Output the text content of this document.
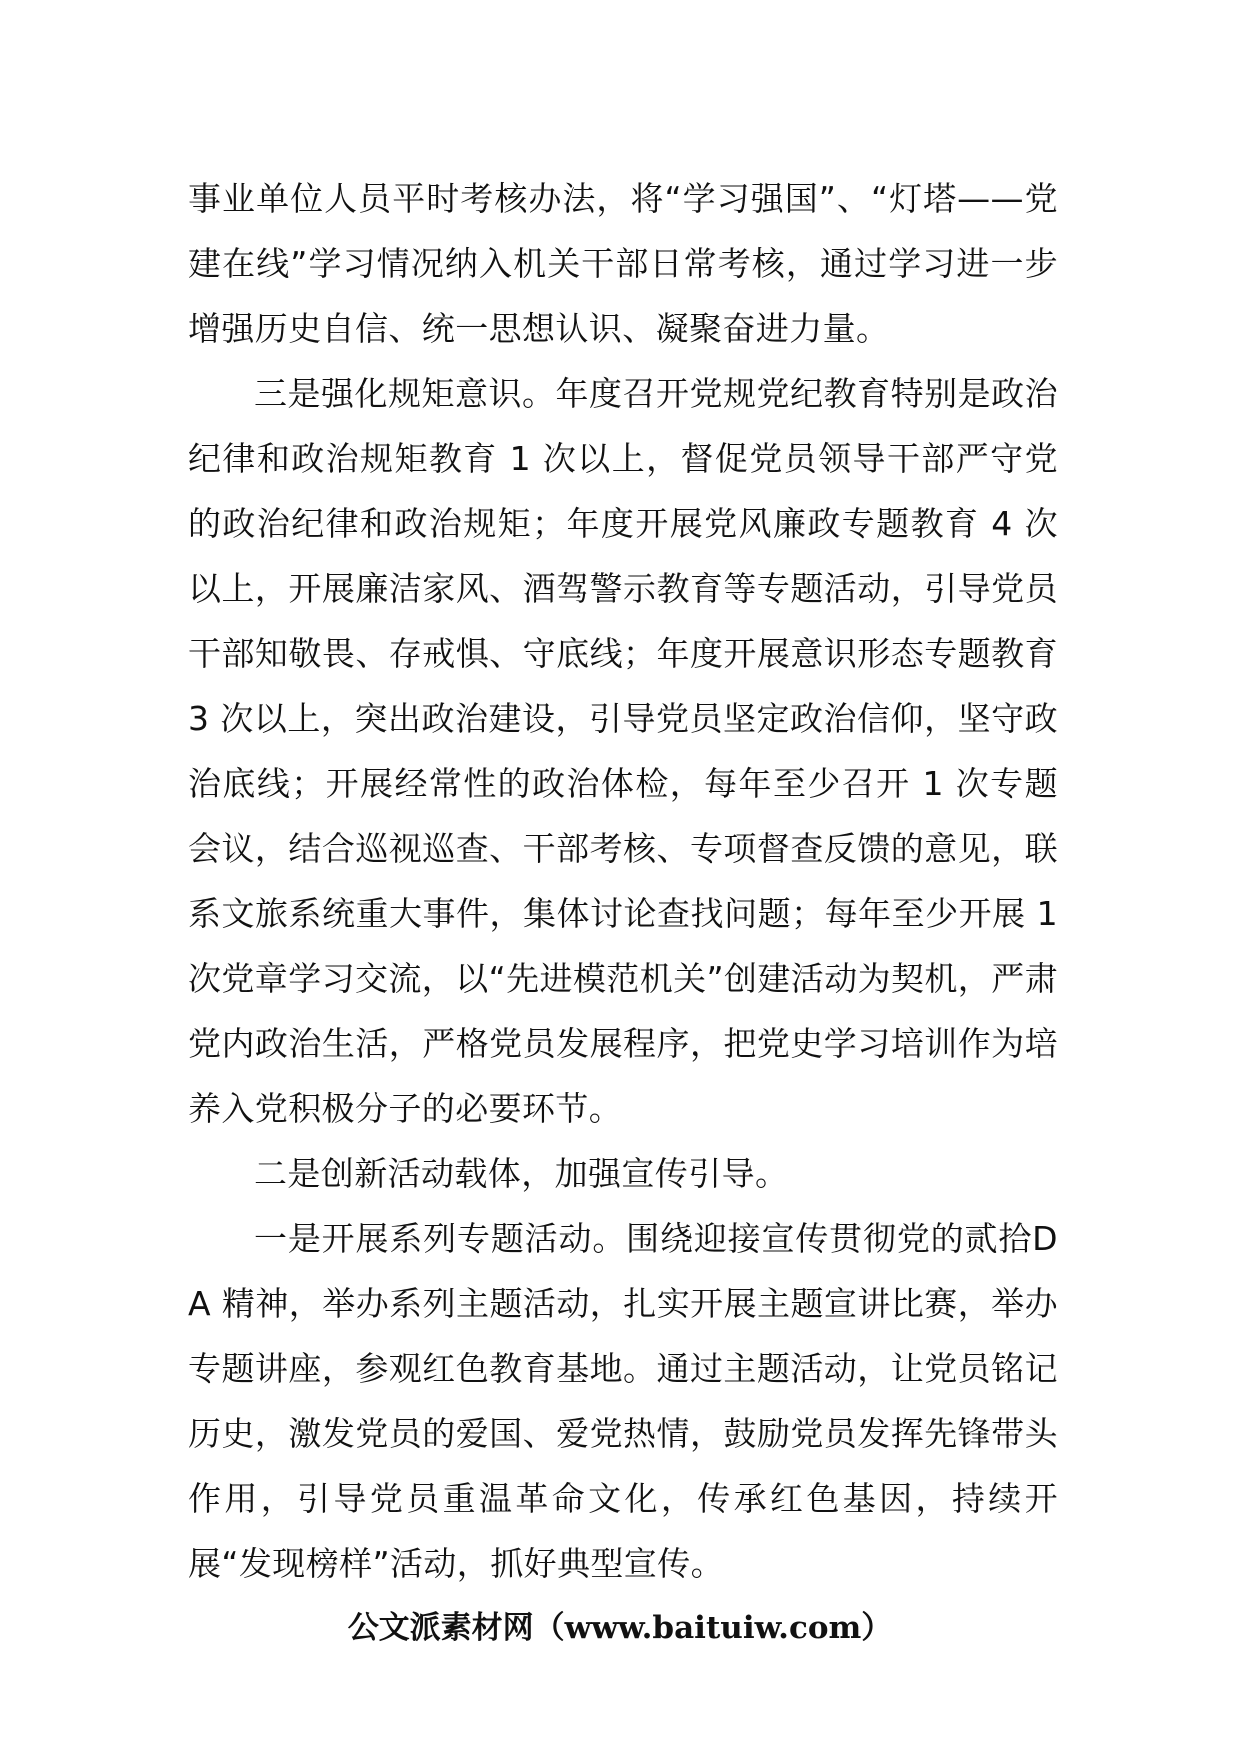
事业单位人员平时考核办法，将“学习强国”、“灯塔——党建在线”学习情况纳入机关干部日常考核，通过学习进一步增强历史自信、统一思想认识、凝聚奋进力量。

三是强化规矩意识。年度召开党规党纪教育特别是政治纪律和政治规矩教育 1 次以上，督促党员领导干部严守党的政治纪律和政治规矩；年度开展党风廉政专题教育 4 次以上，开展廉洁家风、酒驾警示教育等专题活动，引导党员干部知敬畏、存戒惧、守底线；年度开展意识形态专题教育 3 次以上，突出政治建设，引导党员坚定政治信仰，坚守政治底线；开展经常性的政治体检，每年至少召开 1 次专题会议，结合巡视巡查、干部考核、专项督查反馈的意见，联系文旅系统重大事件，集体讨论查找问题；每年至少开展 1 次党章学习交流，以“先进模范机关”创建活动为契机，严肃党内政治生活，严格党员发展程序，把党史学习培训作为培养入党积极分子的必要环节。

二是创新活动载体，加强宣传引导。

一是开展系列专题活动。围绕迎接宣传贯彻党的贰拾DA 精神，举办系列主题活动，扎实开展主题宣讲比赛，举办专题讲座，参观红色教育基地。通过主题活动，让党员铭记历史，激发党员的爱国、爱党热情，鼓励党员发挥先锋带头作用，引导党员重温革命文化，传承红色基因，持续开展“发现榜样”活动，抓好典型宣传。

公文派素材网（www.baituiw.com）
